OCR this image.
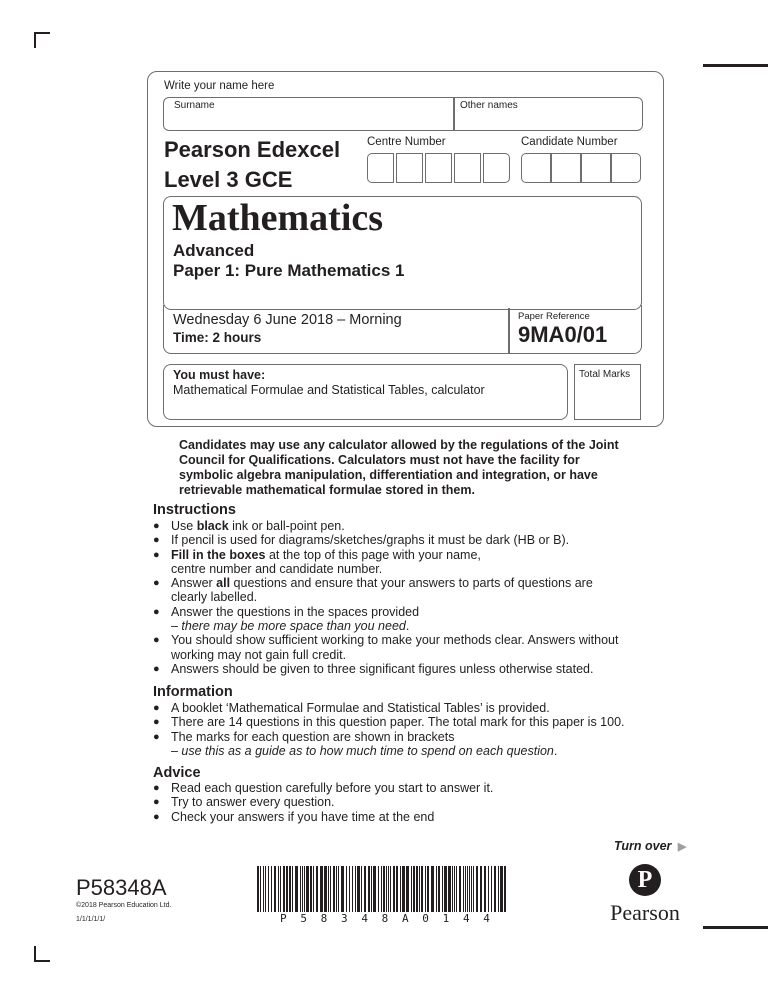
Write your name here
Surname	Other names
Pearson Edexcel
Level 3 GCE
Centre Number	Candidate Number
Mathematics
Advanced
Paper 1: Pure Mathematics 1
Wednesday 6 June 2018 – Morning
Time: 2 hours
Paper Reference
9MA0/01
You must have:
Mathematical Formulae and Statistical Tables, calculator
Total Marks
Candidates may use any calculator allowed by the regulations of the Joint Council for Qualifications. Calculators must not have the facility for symbolic algebra manipulation, differentiation and integration, or have retrievable mathematical formulae stored in them.
Instructions
● Use black ink or ball-point pen.
● If pencil is used for diagrams/sketches/graphs it must be dark (HB or B).
● Fill in the boxes at the top of this page with your name, centre number and candidate number.
● Answer all questions and ensure that your answers to parts of questions are clearly labelled.
● Answer the questions in the spaces provided
– there may be more space than you need.
● You should show sufficient working to make your methods clear. Answers without working may not gain full credit.
● Answers should be given to three significant figures unless otherwise stated.
Information
● A booklet ‘Mathematical Formulae and Statistical Tables’ is provided.
● There are 14 questions in this question paper. The total mark for this paper is 100.
● The marks for each question are shown in brackets
– use this as a guide as to how much time to spend on each question.
Advice
● Read each question carefully before you start to answer it.
● Try to answer every question.
● Check your answers if you have time at the end
Turn over ▶
P58348A
©2018 Pearson Education Ltd.
1/1/1/1/1/	P 5 8 3 4 8 A 0 1 4 4
P
Pearson
